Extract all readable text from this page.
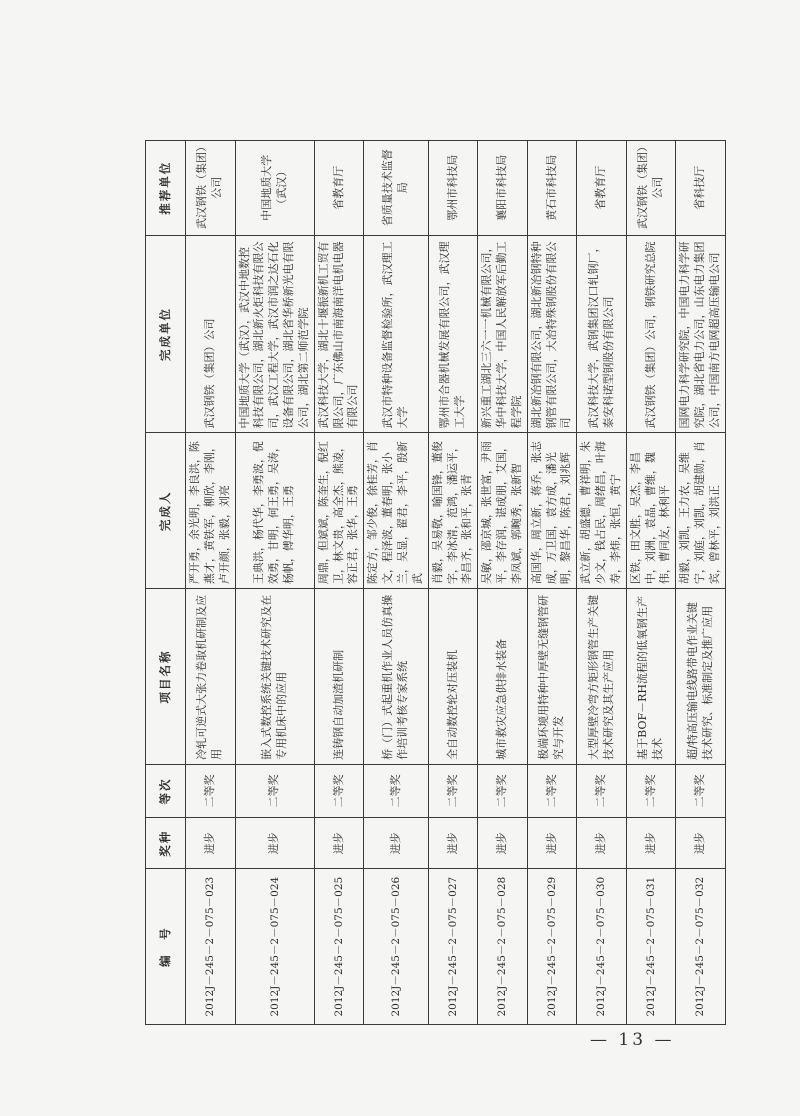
编　号	奖种	等次	项目名称	完成人	完成单位	推荐单位
2012J－245－2－075－023	进步	二等奖	冷轧可逆式大张力卷取机研制及应用	严开勇，余光明，李良洪，陈燕才，黄铁军，柳欣，李刚，卢开颜，张毅，刘亮	武汉钢铁（集团）公司	武汉钢铁（集团）公司
2012J－245－2－075－024	进步	二等奖	嵌入式数控系统关键技术研究及在专用机床中的应用	王典洪，杨代华，李勇波，倪效勇，甘明，何王勇，吴涛，杨帆，傅华明，王勇	中国地质大学（武汉），武汉中地数控科技有限公司，湖北新火炬科技有限公司，武汉工程大学，武汉市润之达石化设备有限公司，湖北省华桥新光电有限公司，湖北第二师范学院	中国地质大学（武汉）
2012J－245－2－075－025	进步	二等奖	连铸钢自动加渣机研制	周鼎，但斌斌，陈奎生，倪红卫，林文贵，高全杰，熊凌，容正君，张华，王勇	武汉科技大学，湖北十堰振新机工贸有限公司，广东佛山市南海南洋电机电器有限公司	省教育厅
2012J－245－2－075－026	进步	二等奖	桥（门）式起重机作业人员仿真操作培训考核专家系统	陈定方，邹少俊，徐桂芳，肖文，程泽波，董春明，张小兰，吴显，翟君，李平，殷新武	武汉市特种设备监督检验所，武汉理工大学	省质量技术监督局
2012J－245－2－075－027	进步	二等奖	全自动数控轮对压装机	肖毅，吴易敬，喻国锋，董俊字，李冰清，范鸿，潘运平，李昌齐，张和平，张青	鄂州市合器机械发展有限公司，武汉理工大学	鄂州市科技局
2012J－245－2－075－028	进步	二等奖	城市救灾应急供排水装备	吴敏，邵京城，张世富，尹雨平，李存润，谌成朋，艾国，李凤斌，郭畹秀，张新智	新兴重工湖北三六一一机械有限公司，华中科技大学，中国人民解放军后勤工程学院	襄阳市科技局
2012J－245－2－075－029	进步	二等奖	极端环境用特种中厚壁无缝钢管研究与开发	高国华，周立新，蒋乔，张志成，万卫国，袁方成，潘光明，黎昌华，陈君，刘兆辉	湖北新冶钢有限公司，湖北新冶钢特种钢管有限公司，大冶特殊钢股份有限公司	黄石市科技局
2012J－245－2－075－030	进步	二等奖	大型厚壁冷弯方矩形钢管生产关键技术研究及其生产应用	武立新，胡盛德，曹祥明，朱少文，钱占民，周绪昌，叶海寿，李炜，张恒，黄宁	武汉科技大学，武钢集团汉口轧钢厂，泰安科诺型钢股份有限公司	省教育厅
2012J－245－2－075－031	进步	二等奖	基于BOF－RH流程的低氧钢生产技术	区铁，田文胜，吴杰，李昌中，刘洲，袁晶，曹维，魏伟，曹同友，林利平	武汉钢铁（集团）公司，钢铁研究总院	武汉钢铁（集团）公司
2012J－245－2－075－032	进步	二等奖	超/特高压输电线路带电作业关键技术研究、标准制定及推广应用	胡毅，刘凯，王力农，吴维宁，刘庭，刘凯，胡建勋，肖宾，曾林平，刘洪正	国网电力科学研究院，中国电力科学研究院，湖北省电力公司，山东电力集团公司，中国南方电网超高压输电公司	省科技厅
— 13 —
